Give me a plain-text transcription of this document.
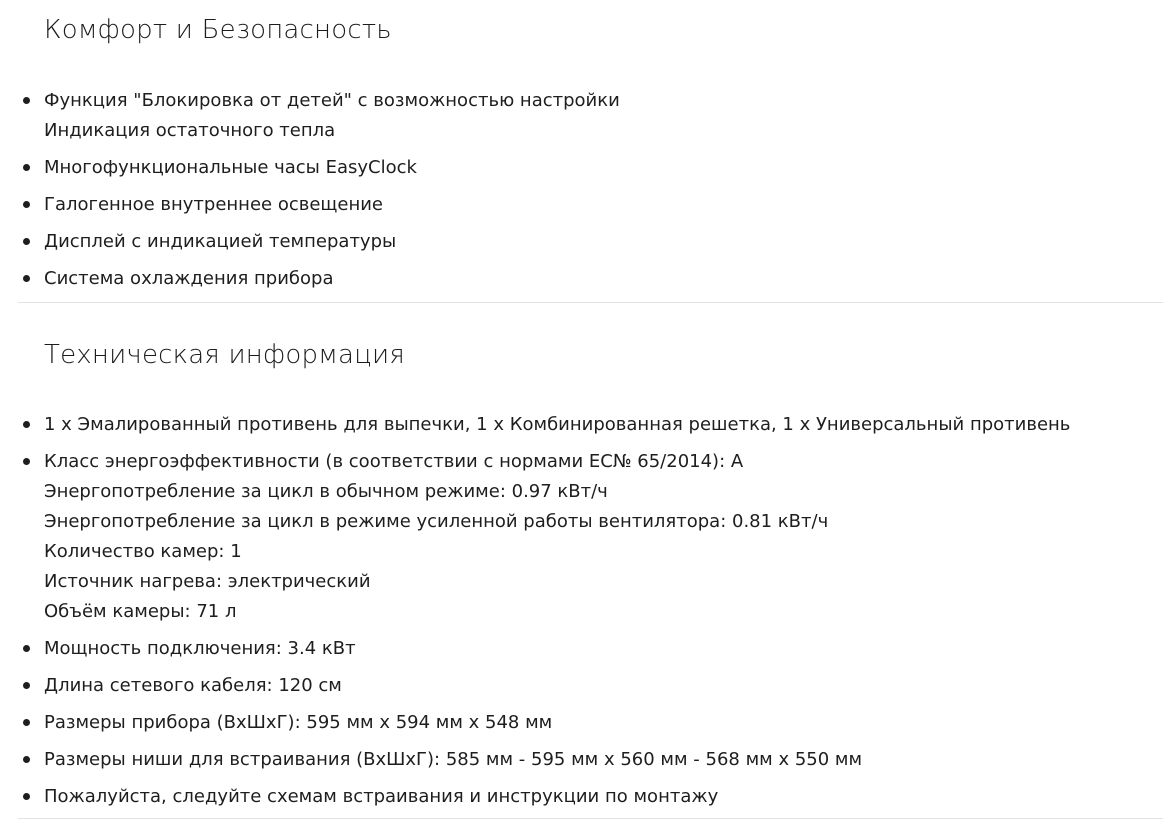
Комфорт и Безопасность
Функция "Блокировка от детей" с возможностью настройки
Индикация остаточного тепла
Многофункциональные часы EasyClock
Галогенное внутреннее освещение
Дисплей с индикацией температуры
Система охлаждения прибора
Техническая информация
1 x Эмалированный противень для выпечки, 1 x Комбинированная решетка, 1 x Универсальный противень
Класс энергоэффективности (в соответствии с нормами EC№ 65/2014): A
Энергопотребление за цикл в обычном режиме: 0.97 кВт/ч
Энергопотребление за цикл в режиме усиленной работы вентилятора: 0.81 кВт/ч
Количество камер: 1
Источник нагрева: электрический
Объём камеры: 71 л
Мощность подключения: 3.4 кВт
Длина сетевого кабеля: 120 см
Размеры прибора (ВxШxГ): 595 мм x 594 мм x 548 мм
Размеры ниши для встраивания (ВxШxГ): 585 мм - 595 мм x 560 мм - 568 мм x 550 мм
Пожалуйста, следуйте схемам встраивания и инструкции по монтажу
